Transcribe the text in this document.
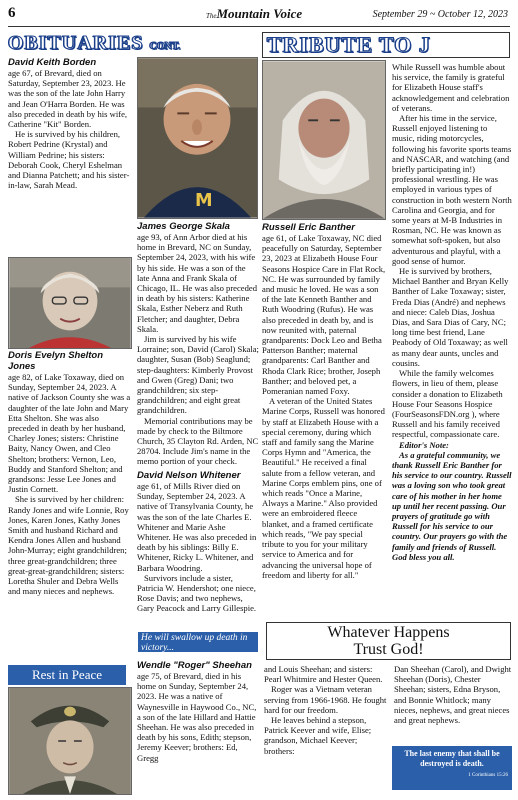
6	TheMountain Voice	September 29 ~ October 12, 2023
OBITUARIES CONT.	TRIBUTE TO J
David Keith Borden

age 67, of Brevard, died on Saturday, September 23, 2023. He was the son of the late John Harry and Jean O'Harra Borden. He was also preceded in death by his wife, Catherine "Kit" Borden.

He is survived by his children, Robert Pedrine (Krystal) and William Pedrine; his sisters: Deborah Cook, Cheryl Eshelman and Dianna Patchett; and his sister-in-law, Sarah Mead.

Doris Evelyn Shelton Jones

age 82, of Lake Toxaway, died on Sunday, September 24, 2023. A native of Jackson County she was a daughter of the late John and Mary Etta Shelton. She was also preceded in death by her husband, Charley Jones; sisters: Christine Baity, Nancy Owen, and Cleo Shelton; brothers: Vernon, Leo, Buddy and Stanford Shelton; and grandsons: Jesse Lee Jones and Justin Cornett.

She is survived by her children: Randy Jones and wife Lonnie, Roy Jones, Karen Jones, Kathy Jones Smith and husband Richard and Kendra Jones Allen and husband John-Murray; eight grandchildren; three great-grandchildren; three great-great-grandchildren; sisters: Loretha Shuler and Debra Wells and many nieces and nephews.

Rest in Peace
M
James George Skala

age 93, of Ann Arbor died at his home in Brevard, NC on Sunday, September 24, 2023, with his wife by his side. He was a son of the late Anna and Frank Skala of Chicago, IL. He was also preceded in death by his sisters: Katherine Skala, Esther Neberz and Ruth Fletcher; and daughter, Debra Skala.

Jim is survived by his wife Lorraine; son, David (Carol) Skala; daughter, Susan (Bob) Seaglund; step-daughters: Kimberly Provost and Gwen (Greg) Dani; two grandchildren; six step-grandchildren; and eight great grandchildren.

Memorial contributions may be made by check to the Biltmore Church, 35 Clayton Rd. Arden, NC 28704. Include Jim's name in the memo portion of your check.

David Nelson Whitener

age 61, of Mills River died on Sunday, September 24, 2023. A native of Transylvania County, he was the son of the late Charles E. Whitener and Marie Ashe Whitener. He was also preceded in death by his siblings: Billy E. Whitener, Ricky L. Whitener, and Barbara Woodring.

Survivors include a sister, Patricia W. Hendershot; one niece, Rose Davis; and two nephews, Gary Peacock and Larry Gillespie.

He will swallow up death in victory...
Isaiah 25:8
Wendle "Roger" Sheehan

age 75, of Brevard, died in his home on Sunday, September 24, 2023. He was a native of Waynesville in Haywood Co., NC, a son of the late Hillard and Hattie Sheehan. He was also preceded in death by his sons, Edith; stepson, Jeremy Keever; brothers: Ed, Gregg

and Louis Sheehan; and sisters: Pearl Whitmire and Hester Queen.

Roger was a Vietnam veteran serving from 1966-1968. He fought hard for our freedom.

He leaves behind a stepson, Patrick Keever and wife, Elise; grandson, Michael Keever; brothers:

Dan Sheehan (Carol), and Dwight Sheehan (Doris), Chester Sheehan; sisters, Edna Bryson, and Bonnie Whitlock; many nieces, nephews, and great nieces and great nephews.

Russell Eric Banther

age 61, of Lake Toxaway, NC died peacefully on Saturday, September 23, 2023 at Elizabeth House Four Seasons Hospice Care in Flat Rock, NC. He was surrounded by family and music he loved. He was a son of the late Kenneth Banther and Ruth Woodring (Rufus). He was also preceded in death by, and is now reunited with, paternal grandparents: Dock Leo and Betha Patterson Banther; maternal grandparents: Carl Banther and Rhoda Clark Rice; brother, Joseph Banther; and beloved pet, a Pomeranian named Foxy.

A veteran of the United States Marine Corps, Russell was honored by staff at Elizabeth House with a special ceremony, during which staff and family sang the Marine Corps Hymn and "America, the Beautiful." He received a final salute from a fellow veteran, and Marine Corps emblem pins, one of which reads "Once a Marine, Always a Marine." Also provided were an embroidered fleece blanket, and a framed certificate which reads, "We pay special tribute to you for your military service to America and for advancing the universal hope of freedom and liberty for all."

While Russell was humble about his service, the family is grateful for Elizabeth House staff's acknowledgement and celebration of veterans.

After his time in the service, Russell enjoyed listening to music, riding motorcycles, following his favorite sports teams and NASCAR, and watching (and briefly participating in!) professional wrestling. He was employed in various types of construction in both western North Carolina and Georgia, and for some years at M-B Industries in Rosman, NC. He was known as somewhat soft-spoken, but also adventurous and playful, with a good sense of humor.

He is survived by brothers, Michael Banther and Bryan Kelly Banther of Lake Toxaway; sister, Freda Dias (André) and nephews and niece: Caleb Dias, Joshua Dias, and Sara Dias of Cary, NC; long time best friend, Lane Peabody of Old Toxaway; as well as many dear aunts, uncles and cousins.

While the family welcomes flowers, in lieu of them, please consider a donation to Elizabeth House Four Seasons Hospice (FourSeasonsFDN.org ), where Russell and his family received respectful, compassionate care.

Editor's Note:

As a grateful community, we thank Russell Eric Banther for his service to our country. Russell was a loving son who took great care of his mother in her home up until her recent passing. Our prayers of gratitude go with Russell for his service to our country. Our prayers go with the family and friends of Russell. God bless you all.

Whatever Happens
Trust God!
The last enemy that shall be destroyed is death.
1 Corinthians 15:26
